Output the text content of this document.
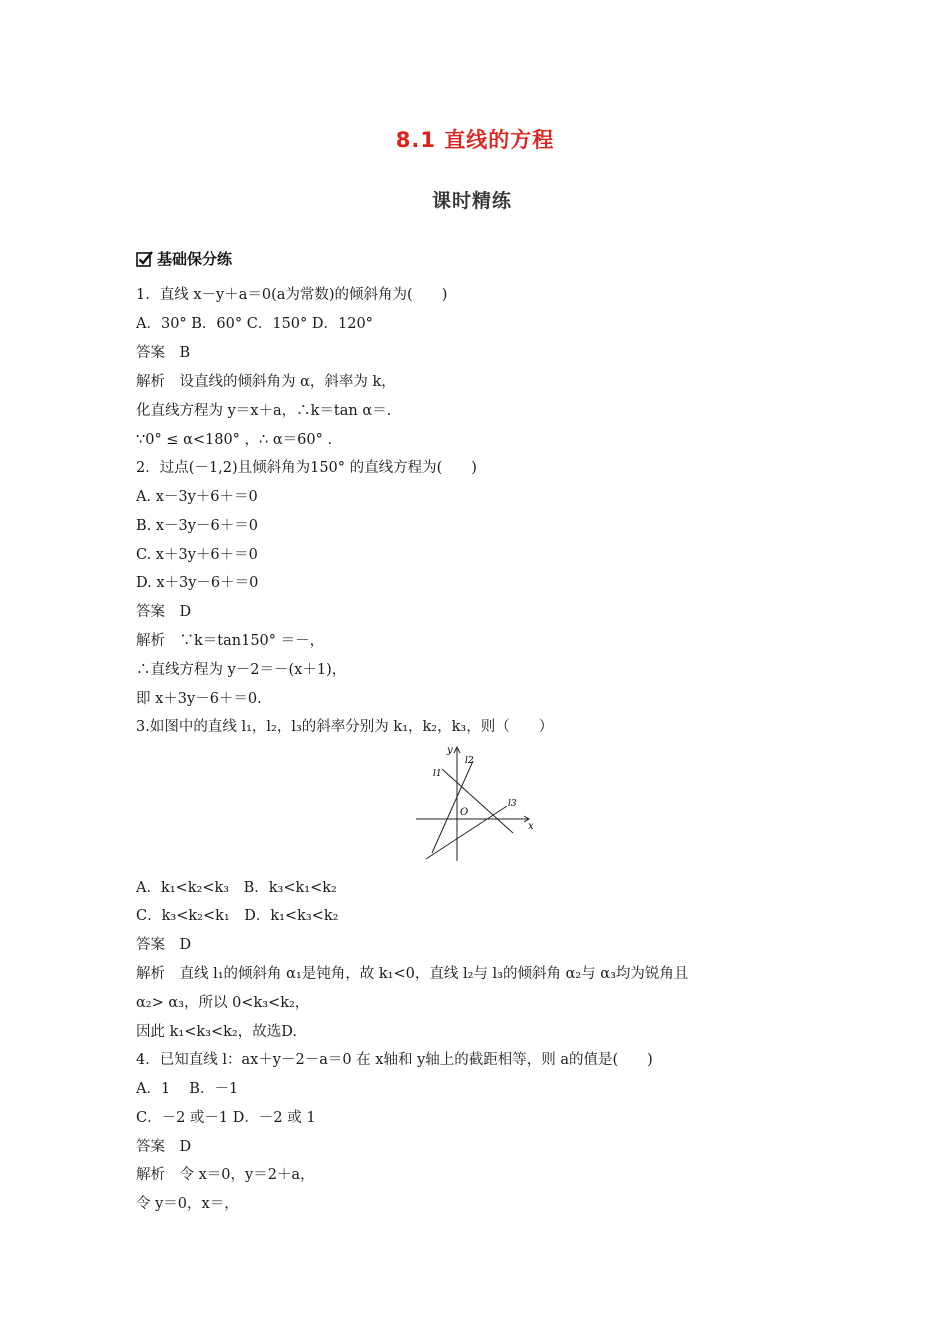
8.1 直线的方程
课时精练
基础保分练
1．直线 x－y＋a＝0(a为常数)的倾斜角为(　　)
A．30° B．60° C．150° D．120°
答案　B
解析　设直线的倾斜角为 α，斜率为 k，
化直线方程为 y＝x＋a，∴k＝tan α＝.
∵0° ≤ α<180° ，∴ α＝60° .
2．过点(－1,2)且倾斜角为150° 的直线方程为(　　)
A. x－3y＋6＋＝0
B. x－3y－6＋＝0
C. x＋3y＋6＋＝0
D. x＋3y－6＋＝0
答案　D
解析　∵k＝tan150° ＝－，
∴直线方程为 y－2＝－(x＋1)，
即 x＋3y－6＋＝0.
3.如图中的直线 l₁，l₂，l₃的斜率分别为 k₁，k₂，k₃，则（　　）
y
x
O
l1
l2
l3
A．k₁<k₂<k₃　B．k₃<k₁<k₂
C．k₃<k₂<k₁　D．k₁<k₃<k₂
答案　D
解析　直线 l₁的倾斜角 α₁是钝角，故 k₁<0，直线 l₂与 l₃的倾斜角 α₂与 α₃均为锐角且
α₂> α₃，所以 0<k₃<k₂，
因此 k₁<k₃<k₂，故选D.
4．已知直线 l：ax＋y－2－a＝0 在 x轴和 y轴上的截距相等，则 a的值是(　　)
A．1　 B．－1
C．－2 或－1 D．－2 或 1
答案　D
解析　令 x＝0，y＝2＋a，
令 y＝0，x＝，
